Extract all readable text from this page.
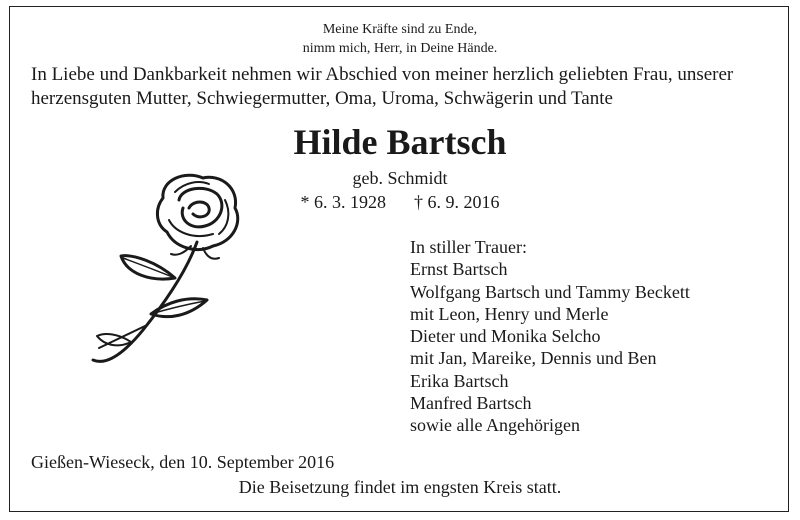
Meine Kräfte sind zu Ende,
nimm mich, Herr, in Deine Hände.
In Liebe und Dankbarkeit nehmen wir Abschied von meiner herzlich geliebten Frau, unserer
herzensguten Mutter, Schwiegermutter, Oma, Uroma, Schwägerin und Tante
Hilde Bartsch
geb. Schmidt
* 6. 3. 1928 † 6. 9. 2016
In stiller Trauer:
Ernst Bartsch
Wolfgang Bartsch und Tammy Beckett
mit Leon, Henry und Merle
Dieter und Monika Selcho
mit Jan, Mareike, Dennis und Ben
Erika Bartsch
Manfred Bartsch
sowie alle Angehörigen
Gießen-Wieseck, den 10. September 2016
Die Beisetzung findet im engsten Kreis statt.
